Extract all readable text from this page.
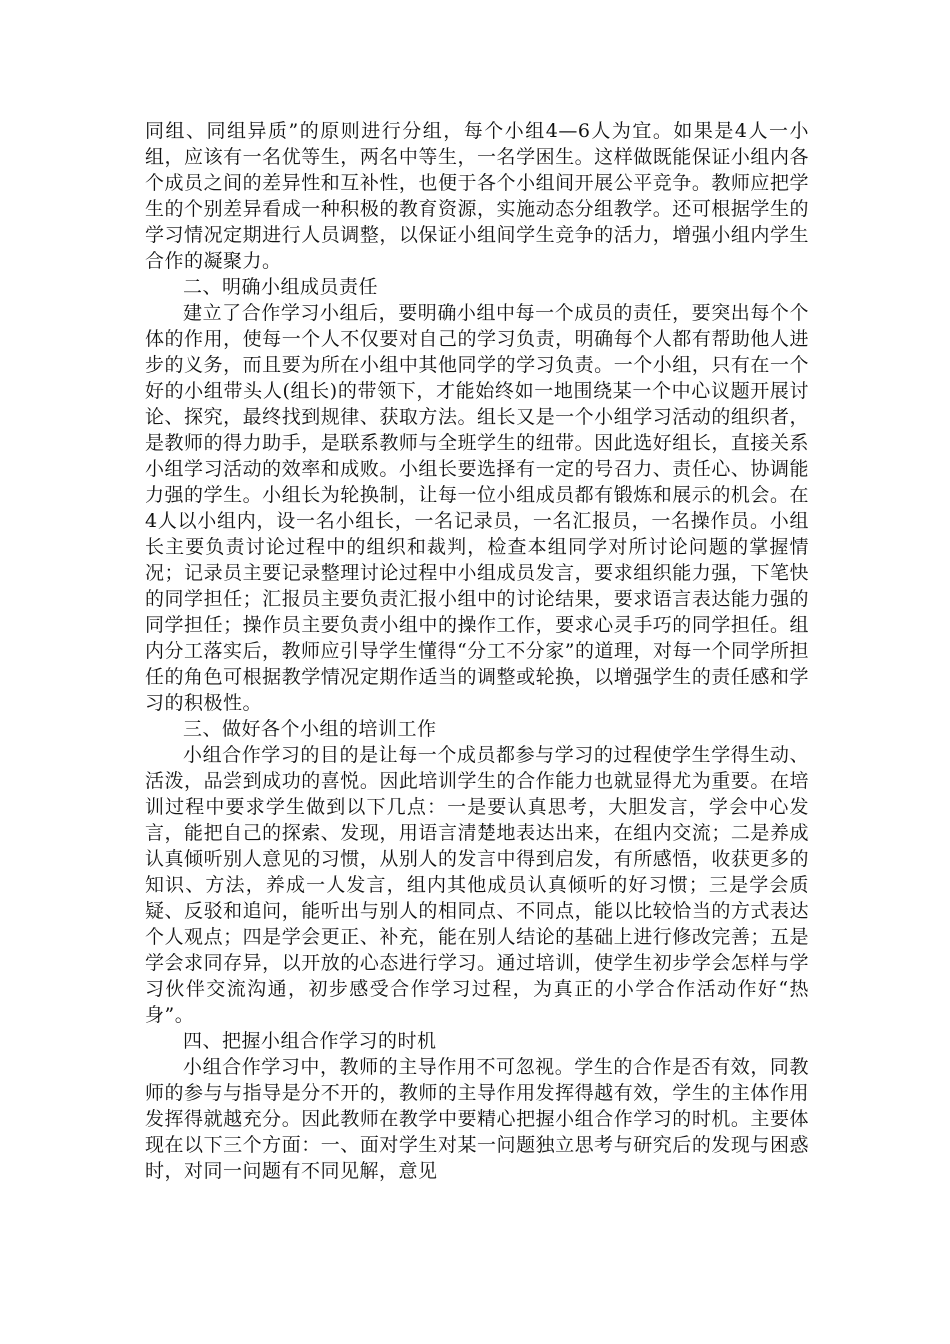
同组、同组异质”的原则进行分组，每个小组4—6人为宜。如果是4人一小组，应该有一名优等生，两名中等生，一名学困生。这样做既能保证小组内各个成员之间的差异性和互补性，也便于各个小组间开展公平竞争。教师应把学生的个别差异看成一种积极的教育资源，实施动态分组教学。还可根据学生的学习情况定期进行人员调整，以保证小组间学生竞争的活力，增强小组内学生合作的凝聚力。

二、明确小组成员责任

建立了合作学习小组后，要明确小组中每一个成员的责任，要突出每个个体的作用，使每一个人不仅要对自己的学习负责，明确每个人都有帮助他人进步的义务，而且要为所在小组中其他同学的学习负责。一个小组，只有在一个好的小组带头人(组长)的带领下，才能始终如一地围绕某一个中心议题开展讨论、探究，最终找到规律、获取方法。组长又是一个小组学习活动的组织者，是教师的得力助手，是联系教师与全班学生的纽带。因此选好组长，直接关系小组学习活动的效率和成败。小组长要选择有一定的号召力、责任心、协调能力强的学生。小组长为轮换制，让每一位小组成员都有锻炼和展示的机会。在4人以小组内，设一名小组长，一名记录员，一名汇报员，一名操作员。小组长主要负责讨论过程中的组织和裁判，检查本组同学对所讨论问题的掌握情况；记录员主要记录整理讨论过程中小组成员发言，要求组织能力强，下笔快的同学担任；汇报员主要负责汇报小组中的讨论结果，要求语言表达能力强的同学担任；操作员主要负责小组中的操作工作，要求心灵手巧的同学担任。组内分工落实后，教师应引导学生懂得“分工不分家”的道理，对每一个同学所担任的角色可根据教学情况定期作适当的调整或轮换，以增强学生的责任感和学习的积极性。

三、做好各个小组的培训工作

小组合作学习的目的是让每一个成员都参与学习的过程使学生学得生动、活泼，品尝到成功的喜悦。因此培训学生的合作能力也就显得尤为重要。在培训过程中要求学生做到以下几点：一是要认真思考，大胆发言，学会中心发言，能把自己的探索、发现，用语言清楚地表达出来，在组内交流；二是养成认真倾听别人意见的习惯，从别人的发言中得到启发，有所感悟，收获更多的知识、方法，养成一人发言，组内其他成员认真倾听的好习惯；三是学会质疑、反驳和追问，能听出与别人的相同点、不同点，能以比较恰当的方式表达个人观点；四是学会更正、补充，能在别人结论的基础上进行修改完善；五是学会求同存异，以开放的心态进行学习。通过培训，使学生初步学会怎样与学习伙伴交流沟通，初步感受合作学习过程，为真正的小学合作活动作好“热身”。

四、把握小组合作学习的时机

小组合作学习中，教师的主导作用不可忽视。学生的合作是否有效，同教师的参与与指导是分不开的，教师的主导作用发挥得越有效，学生的主体作用发挥得就越充分。因此教师在教学中要精心把握小组合作学习的时机。主要体现在以下三个方面：一、面对学生对某一问题独立思考与研究后的发现与困惑时，对同一问题有不同见解，意见
